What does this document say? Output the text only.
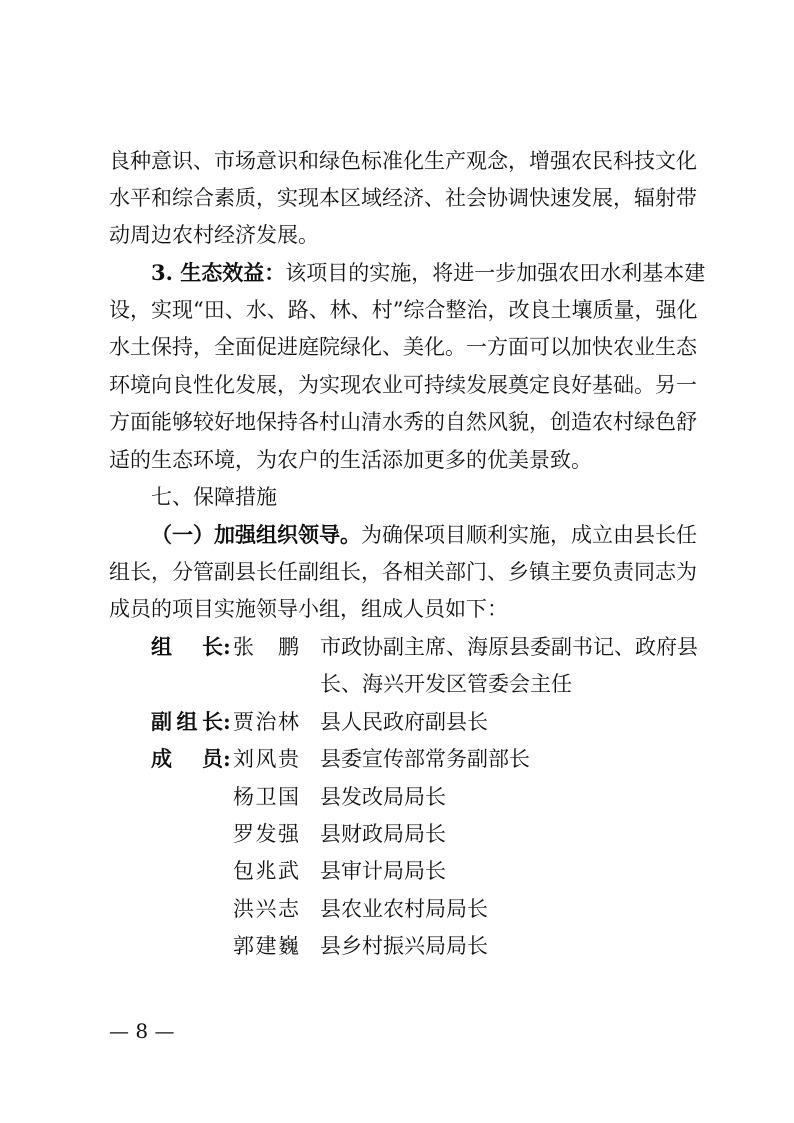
良种意识、市场意识和绿色标准化生产观念，增强农民科技文化
水平和综合素质，实现本区域经济、社会协调快速发展，辐射带
动周边农村经济发展。
3. 生态效益：该项目的实施，将进一步加强农田水利基本建
设，实现“田、水、路、林、村”综合整治，改良土壤质量，强化
水土保持，全面促进庭院绿化、美化。一方面可以加快农业生态
环境向良性化发展，为实现农业可持续发展奠定良好基础。另一
方面能够较好地保持各村山清水秀的自然风貌，创造农村绿色舒
适的生态环境，为农户的生活添加更多的优美景致。
七、保障措施
（一）加强组织领导。为确保项目顺利实施，成立由县长任
组长，分管副县长任副组长，各相关部门、乡镇主要负责同志为
成员的项目实施领导小组，组成人员如下：
组长 : 张鹏 市政协副主席、海原县委副书记、政府县
长、海兴开发区管委会主任
副组长 : 贾治林 县人民政府副县长
成员 : 刘风贵 县委宣传部常务副部长
杨卫国 县发改局局长
罗发强 县财政局局长
包兆武 县审计局局长
洪兴志 县农业农村局局长
郭建巍 县乡村振兴局局长
— 8 —
